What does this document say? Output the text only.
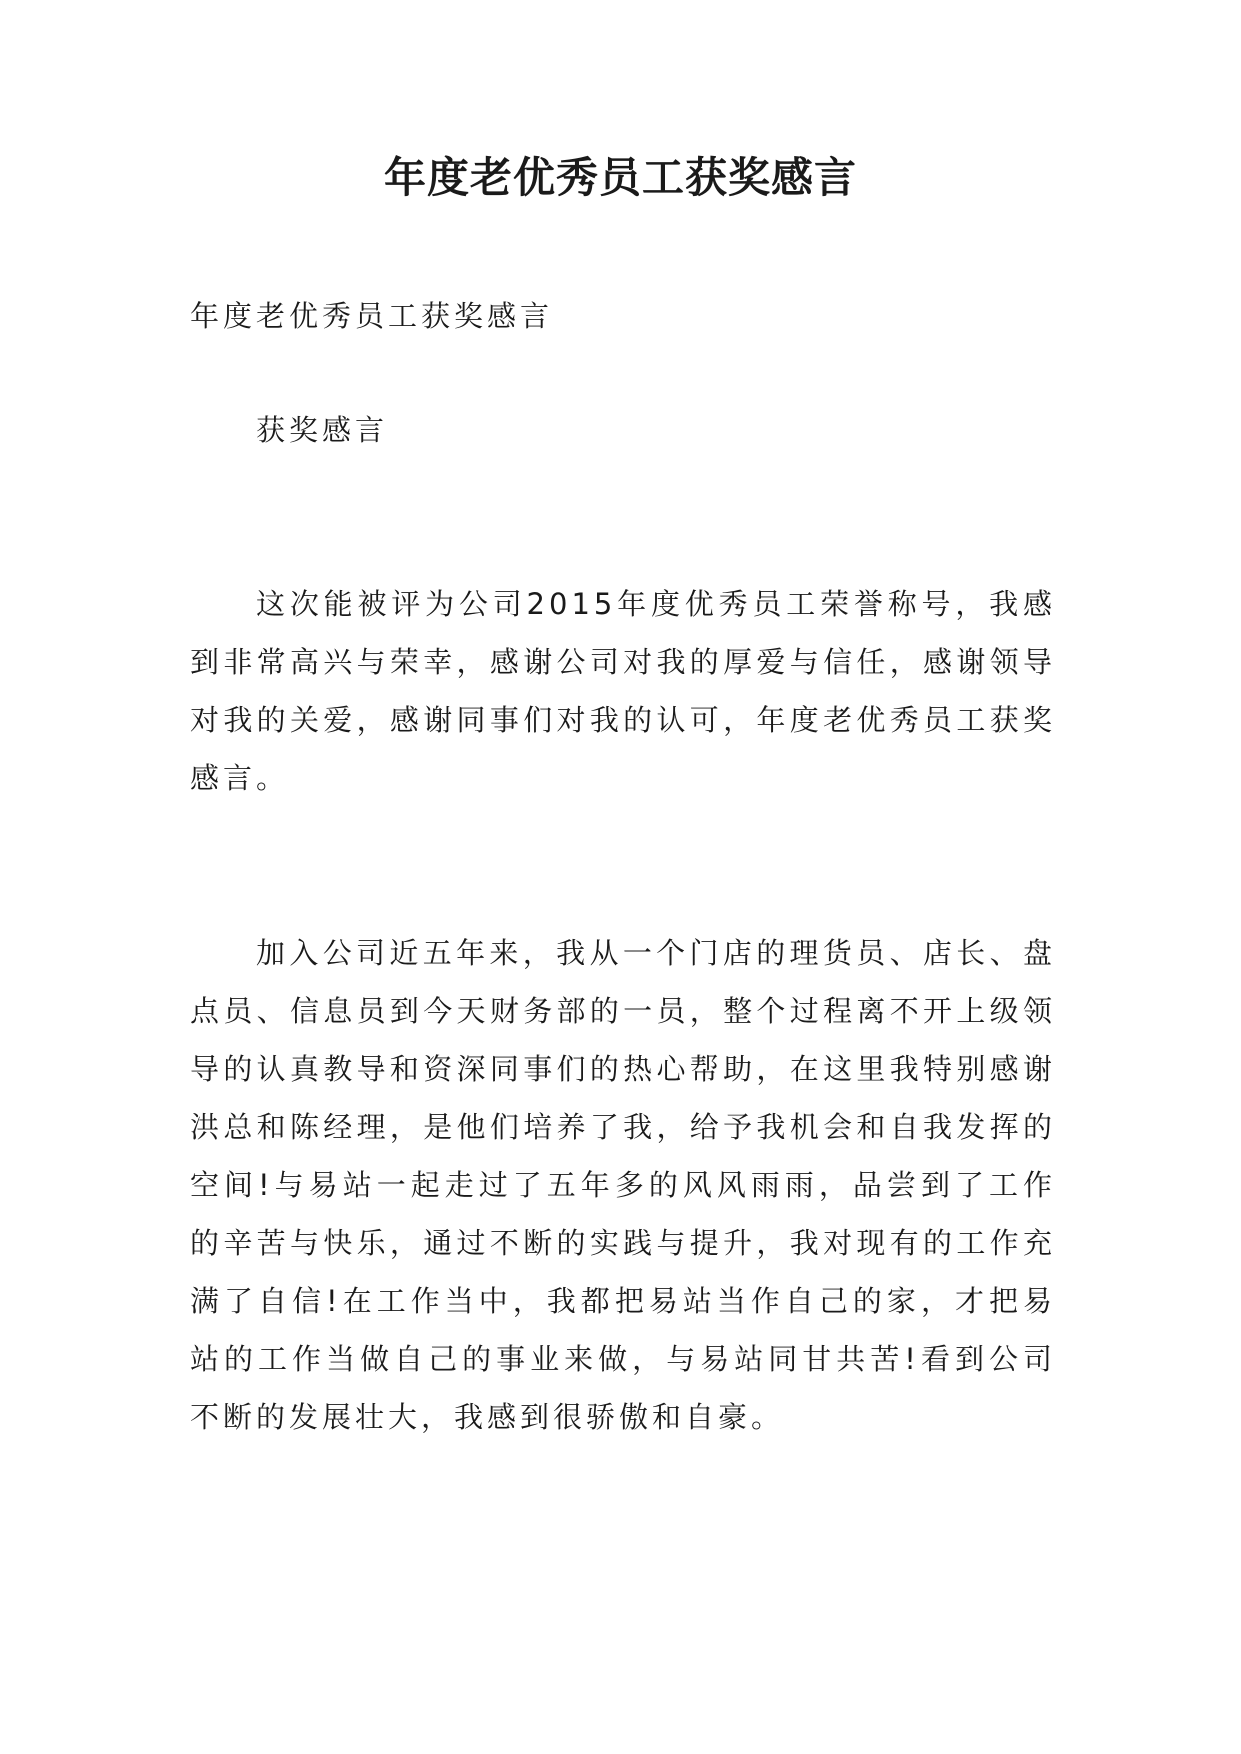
年度老优秀员工获奖感言

年度老优秀员工获奖感言

获奖感言

这次能被评为公司2015年度优秀员工荣誉称号，我感到非常高兴与荣幸，感谢公司对我的厚爱与信任，感谢领导对我的关爱，感谢同事们对我的认可，年度老优秀员工获奖感言。

加入公司近五年来，我从一个门店的理货员、店长、盘点员、信息员到今天财务部的一员，整个过程离不开上级领导的认真教导和资深同事们的热心帮助，在这里我特别感谢洪总和陈经理，是他们培养了我，给予我机会和自我发挥的空间!与易站一起走过了五年多的风风雨雨，品尝到了工作的辛苦与快乐，通过不断的实践与提升，我对现有的工作充满了自信!在工作当中，我都把易站当作自己的家，才把易站的工作当做自己的事业来做，与易站同甘共苦!看到公司不断的发展壮大，我感到很骄傲和自豪。
